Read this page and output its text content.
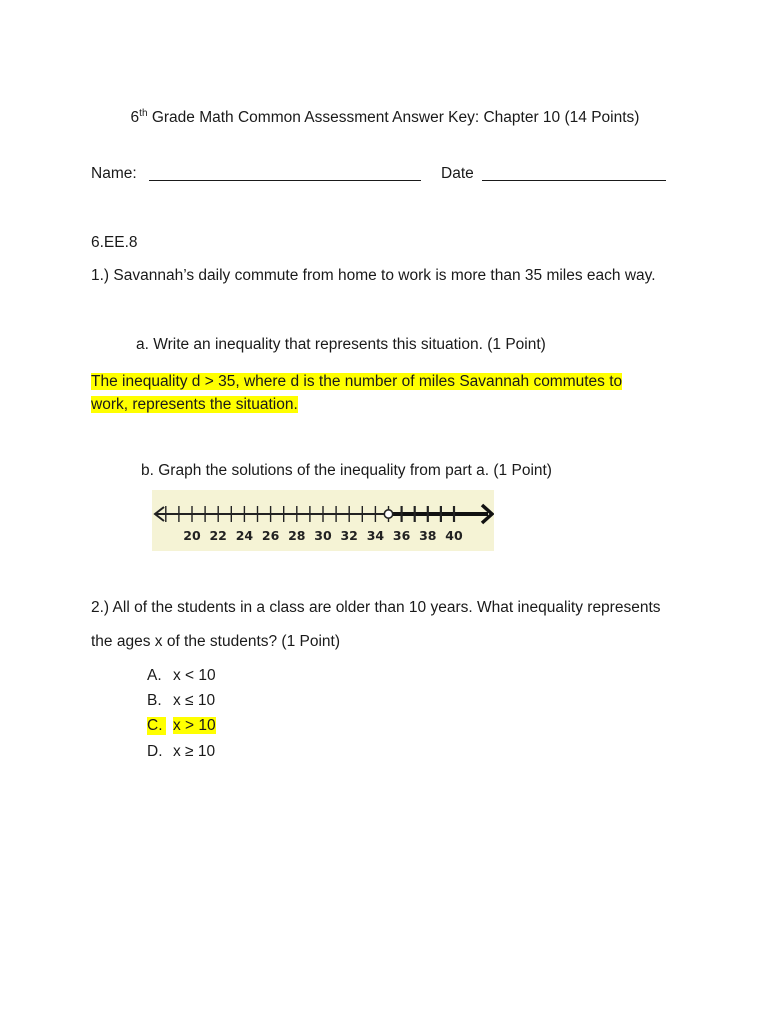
6th Grade Math Common Assessment Answer Key: Chapter 10 (14 Points)
Name:	Date
6.EE.8
1.) Savannah’s daily commute from home to work is more than 35 miles each way.
a. Write an inequality that represents this situation. (1 Point)
The inequality d > 35, where d is the number of miles Savannah commutes to work, represents the situation.
b. Graph the solutions of the inequality from part a. (1 Point)
20 22 24 26 28 30 32 34 36 38 40
2.) All of the students in a class are older than 10 years. What inequality represents
the ages x of the students? (1 Point)
A. x < 10
B. x ≤ 10
C. x > 10
D. x ≥ 10
